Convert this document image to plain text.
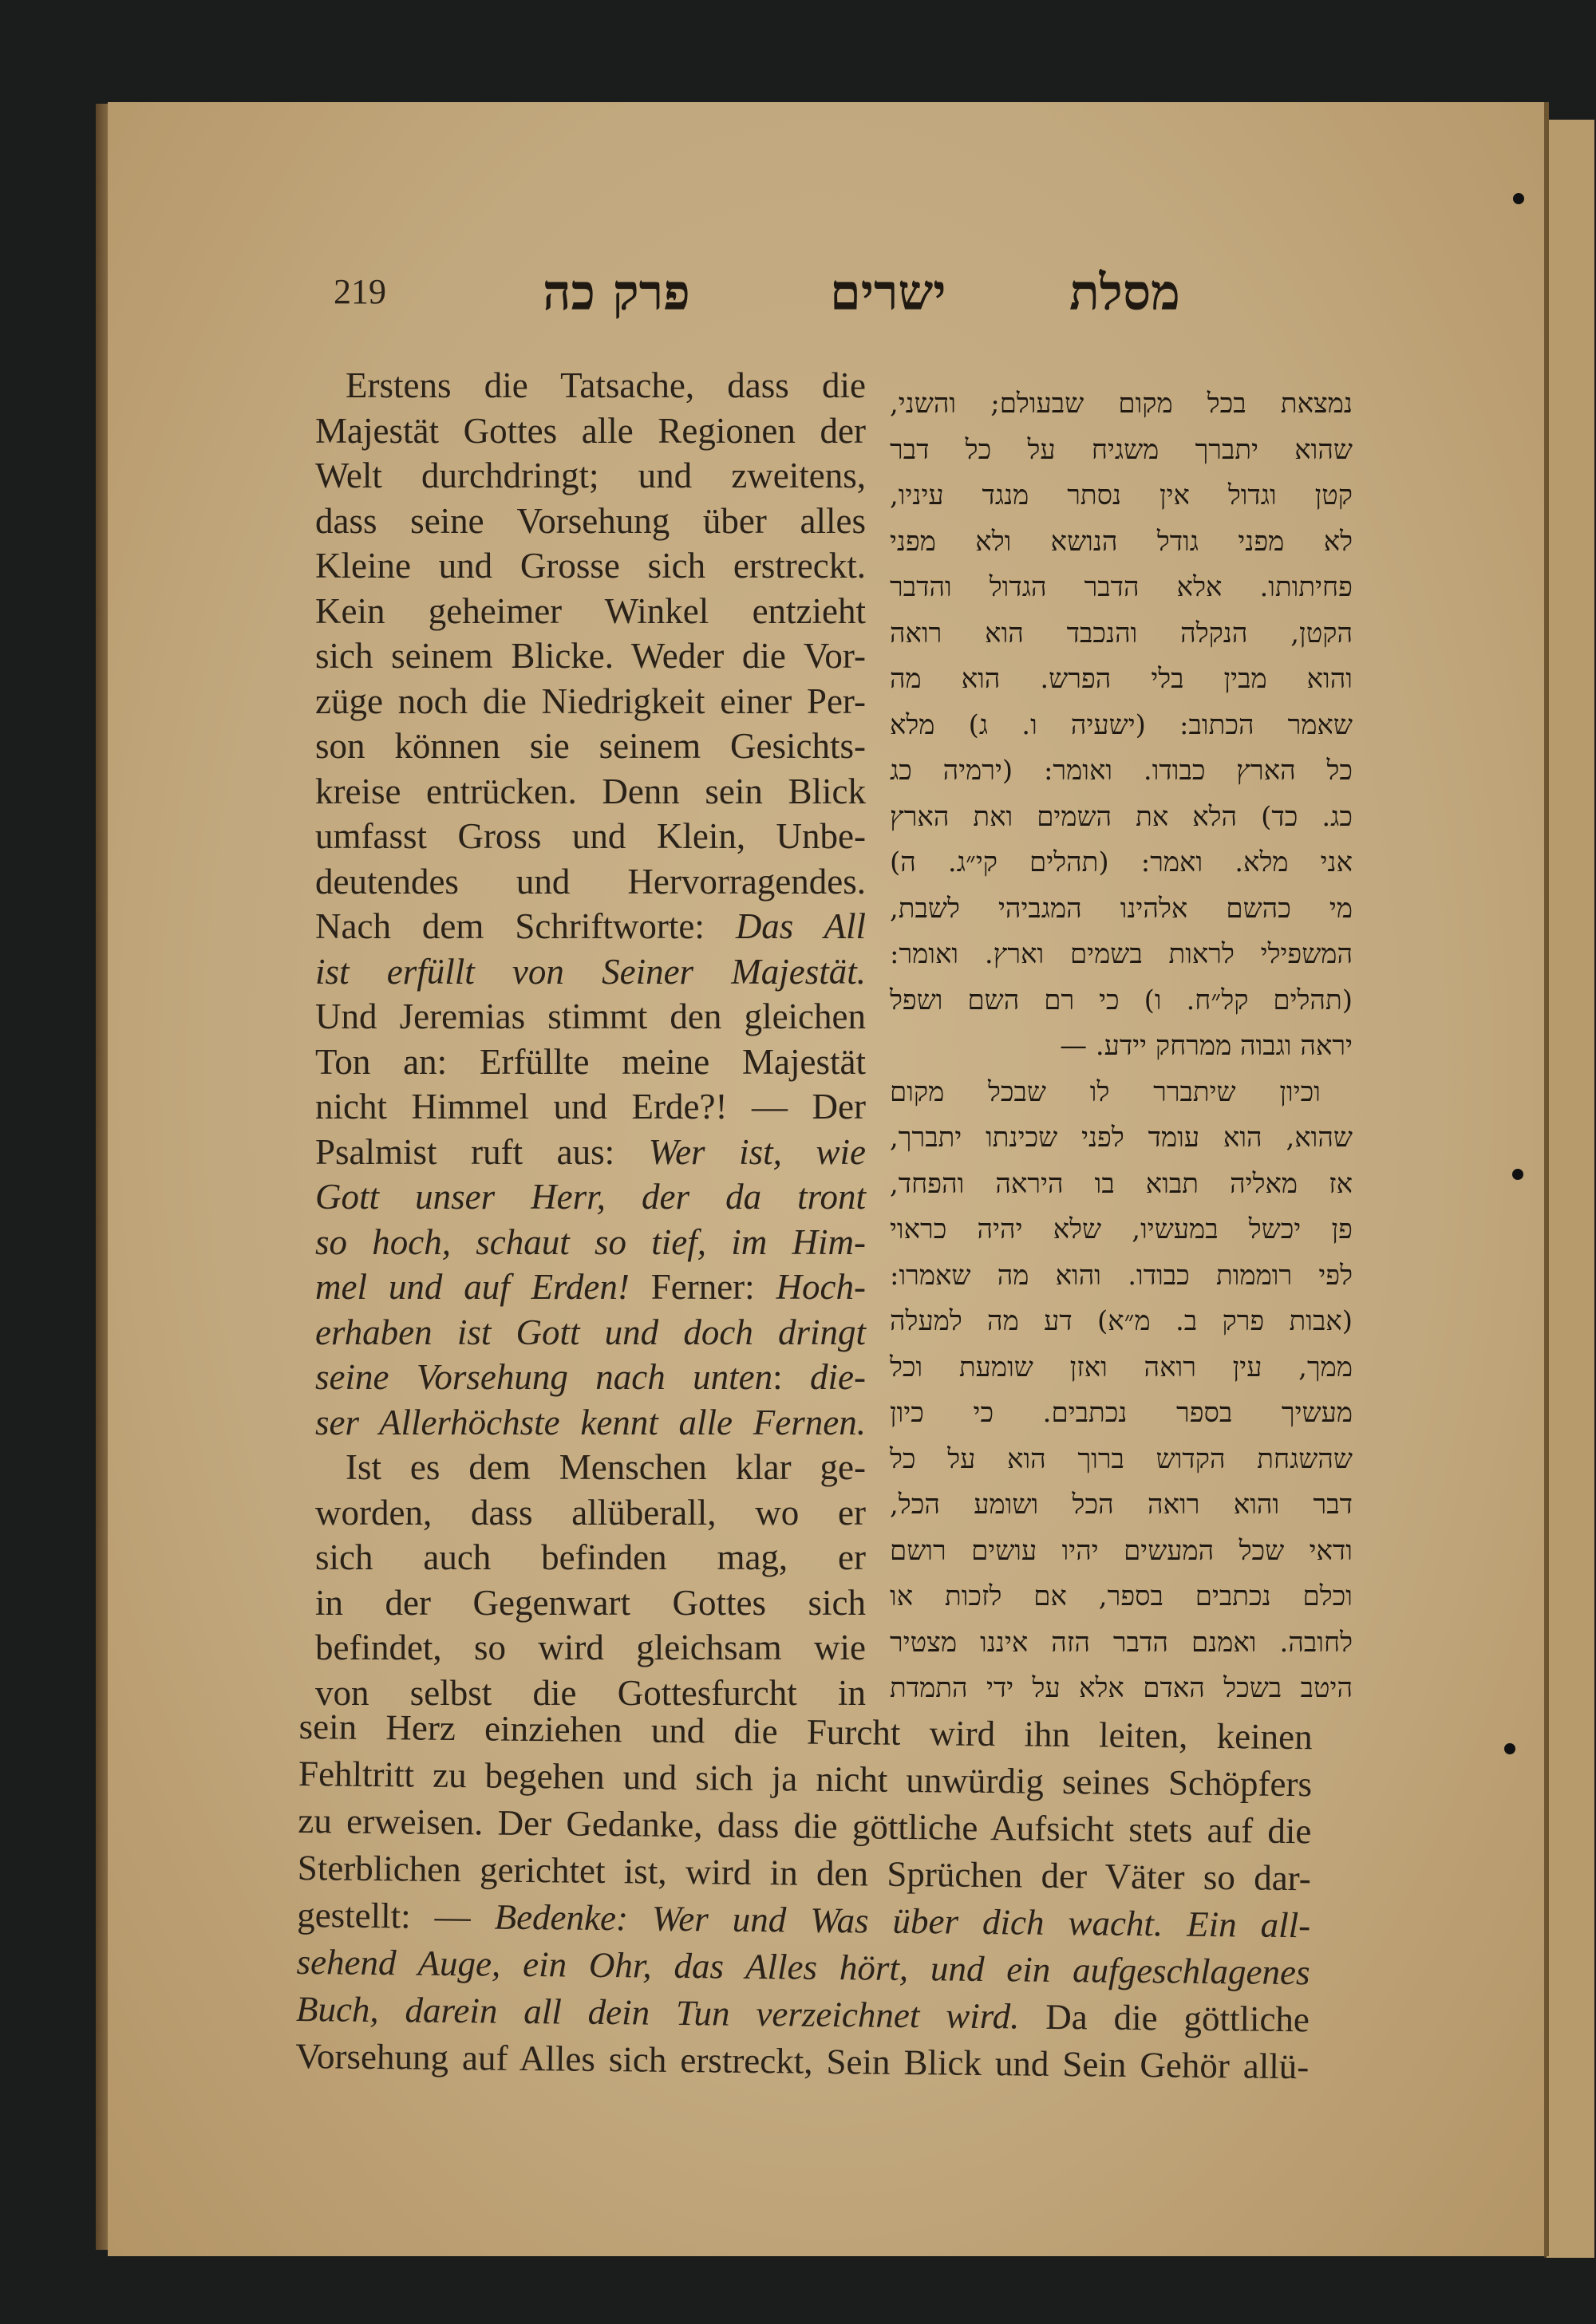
219	פרק כה	ישרים מסלת
Erstens die Tatsache, dass die
Majestät Gottes alle Regionen der
Welt durchdringt; und zweitens,
dass seine Vorsehung über alles
Kleine und Grosse sich erstreckt.
Kein geheimer Winkel entzieht
sich seinem Blicke. Weder die Vor-
züge noch die Niedrigkeit einer Per-
son können sie seinem Gesichts-
kreise entrücken. Denn sein Blick
umfasst Gross und Klein, Unbe-
deutendes und Hervorragendes.
Nach dem Schriftworte: Das All
ist erfüllt von Seiner Majestät.
Und Jeremias stimmt den gleichen
Ton an: Erfüllte meine Majestät
nicht Himmel und Erde?! — Der
Psalmist ruft aus: Wer ist, wie
Gott unser Herr, der da tront
so hoch, schaut so tief, im Him-
mel und auf Erden! Ferner: Hoch-
erhaben ist Gott und doch dringt
seine Vorsehung nach unten: die-
ser Allerhöchste kennt alle Fernen.
Ist es dem Menschen klar ge-
worden, dass allüberall, wo er
sich auch befinden mag, er
in der Gegenwart Gottes sich
befindet, so wird gleichsam wie
von selbst die Gottesfurcht in
נמצאת בכל מקום שבעולם; והשני,
שהוא יתברך משגיח על כל דבר
קטן וגדול אין נסתר מנגד עיניו,
לא מפני גודל הנושא ולא מפני
פחיתותו. אלא הדבר הגדול והדבר
הקטן, הנקלה והנכבד הוא רואה
והוא מבין בלי הפרש. הוא מה
שאמר הכתוב: (ישעיה ו. ג) מלא
כל הארץ כבודו. ואומר: (ירמיה כג
כג. כד) הלא את השמים ואת הארץ
אני מלא. ואמר: (תהלים קי״ג. ה)
מי כהשם אלהינו המגביהי לשבת,
המשפילי לראות בשמים וארץ. ואומר:
(תהלים קל״ח. ו) כי רם השם ושפל
יראה וגבוה ממרחק יידע. —
וכיון שיתברר לו שבכל מקום
שהוא, הוא עומד לפני שכינתו יתברך,
אז מאליה תבוא בו היראה והפחד,
פן יכשל במעשיו, שלא יהיה כראוי
לפי רוממות כבודו. והוא מה שאמרו:
(אבות פרק ב. מ״א) דע מה למעלה
ממך, עין רואה ואזן שומעת וכל
מעשיך בספר נכתבים. כי כיון
שהשגחת הקדוש ברוך הוא על כל
דבר והוא רואה הכל ושומע הכל,
ודאי שכל המעשים יהיו עושים רושם
וכלם נכתבים בספר, אם לזכות או
לחובה. ואמנם הדבר הזה איננו מצטיר
היטב בשכל האדם אלא על ידי התמדת
sein Herz einziehen und die Furcht wird ihn leiten, keinen
Fehltritt zu begehen und sich ja nicht unwürdig seines Schöpfers
zu erweisen. Der Gedanke, dass die göttliche Aufsicht stets auf die
Sterblichen gerichtet ist, wird in den Sprüchen der Väter so dar-
gestellt: — Bedenke: Wer und Was über dich wacht. Ein all-
sehend Auge, ein Ohr, das Alles hört, und ein aufgeschlagenes
Buch, darein all dein Tun verzeichnet wird. Da die göttliche
Vorsehung auf Alles sich erstreckt, Sein Blick und Sein Gehör allü-
